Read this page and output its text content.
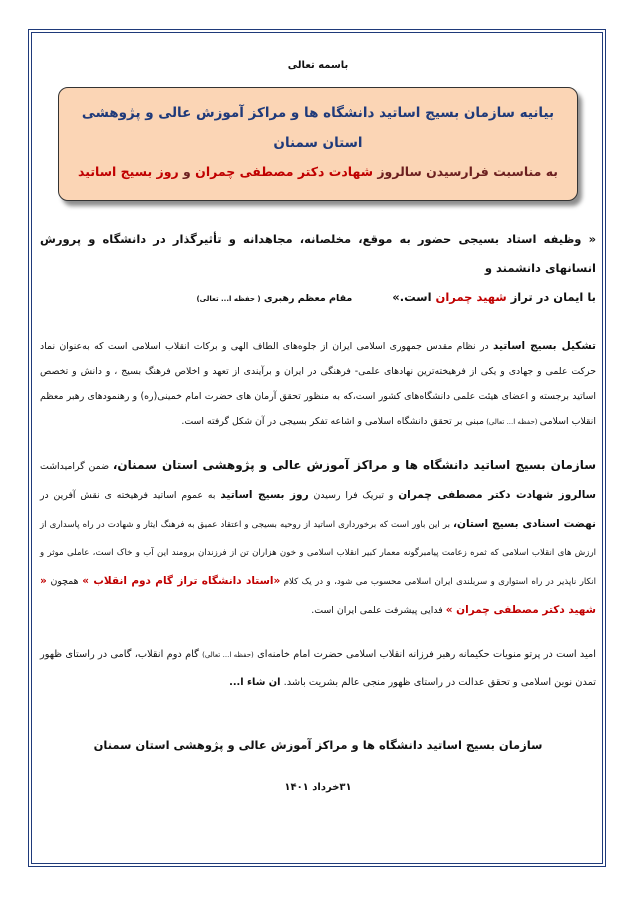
باسمه تعالی
بیانیه سازمان بسیج اساتید دانشگاه ها و مراکز آموزش عالی و پژوهشی استان سمنان
به مناسبت فرارسیدن سالروز شهادت دکتر مصطفی چمران و روز بسیج اساتید
« وظیفه استاد بسیجی حضور به موقع، مخلصانه، مجاهدانه و تأثیرگذار در دانشگاه و پرورش انسانهای دانشمند و
با ایمان در تراز شهید چمران است.»مقام معظم رهبری ( حفظه ا... تعالی)
تشکیل بسیج اساتید در نظام مقدس جمهوری اسلامی ایران از جلوه‌های الطاف الهی و برکات انقلاب اسلامی است که به‌عنوان نماد حرکت علمی و جهادی و یکی از فرهیخته‌ترین نهادهای علمی- فرهنگی در ایران و برآیندی از تعهد و اخلاص فرهنگ بسیج ، و دانش و تخصص اساتید برجسته و اعضای هیئت علمی دانشگاه‌های کشور است،که به منظور تحقق آرمان های حضرت امام خمینی(ره) و رهنمودهای رهبر معظم انقلاب اسلامی (حفظه ا... تعالی) مبنی بر تحقق دانشگاه اسلامی و اشاعه تفکر بسیجی در آن شکل گرفته است.
سازمان بسیج اساتید دانشگاه ها و مراکز آموزش عالی و پژوهشی استان سمنان، ضمن گرامیداشت سالروز شهادت دکتر مصطفی چمران و تبریک فرا رسیدن روز بسیج اساتید به عموم اساتید فرهیخته ی نقش آفرین در نهضت اسنادی بسیج استان، بر این باور است که برخورداری اساتید از روحیه بسیجی و اعتقاد عمیق به فرهنگ ایثار و شهادت در راه پاسداری از ارزش های انقلاب اسلامی که ثمره زعامت پیامبرگونه معمار کبیر انقلاب اسلامی و خون هزاران تن از فرزندان برومند این آب و خاک است، عاملی موثر و انکار ناپذیر در راه استواری و سربلندی ایران اسلامی محسوب می شود، و در یک کلام «استاد دانشگاه تراز گام دوم انقلاب » همچون « شهید دکتر مصطفی چمران » فدایی پیشرفت علمی ایران است.
امید است در پرتو منویات حکیمانه رهبر فرزانه انقلاب اسلامی حضرت امام خامنه‌ای (حفظه ا... تعالی) گام دوم انقلاب، گامی در راستای ظهور تمدن نوین اسلامی و تحقق عدالت در راستای ظهور منجی عالم بشریت باشد. ان شاء ا...
سازمان بسیج اساتید دانشگاه ها و مراکز آموزش عالی و پژوهشی استان سمنان
۳۱خرداد ۱۴۰۱
